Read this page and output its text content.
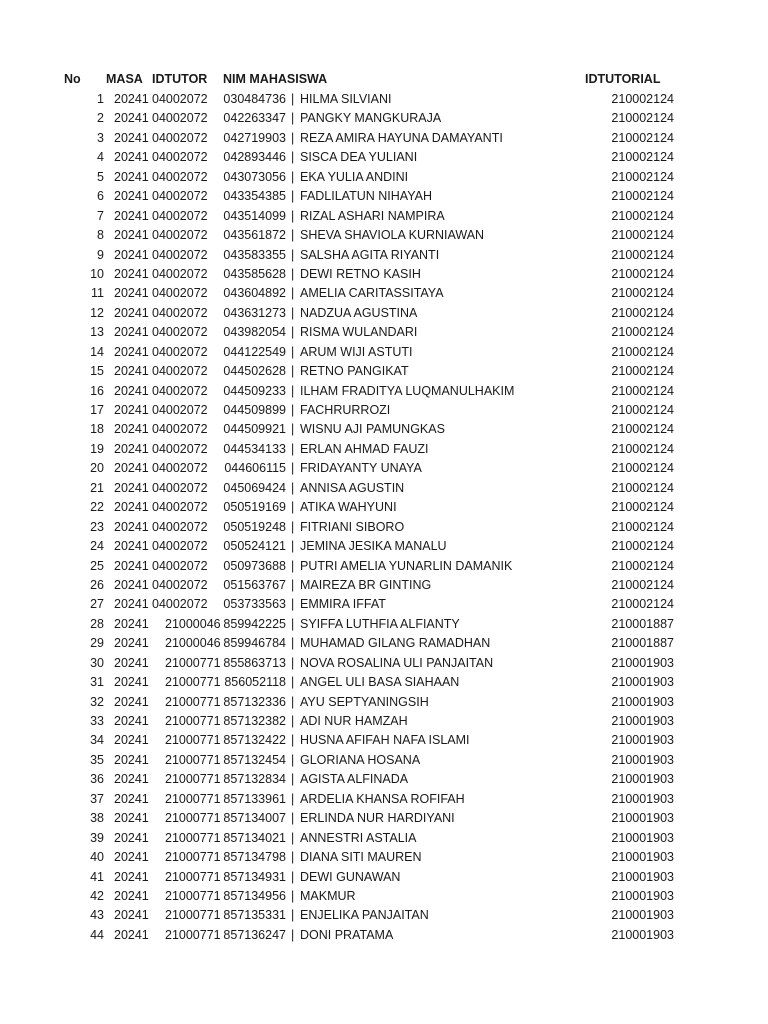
No MASA IDTUTOR NIM MAHASISWA	IDTUTORIAL
1 20241 04002072	030484736 | HILMA SILVIANI	210002124
2 20241 04002072	042263347 | PANGKY MANGKURAJA	210002124
3 20241 04002072	042719903 | REZA AMIRA HAYUNA DAMAYANTI	210002124
4 20241 04002072	042893446 | SISCA DEA YULIANI	210002124
5 20241 04002072	043073056 | EKA YULIA ANDINI	210002124
6 20241 04002072	043354385 | FADLILATUN NIHAYAH	210002124
7 20241 04002072	043514099 | RIZAL ASHARI NAMPIRA	210002124
8 20241 04002072	043561872 | SHEVA SHAVIOLA KURNIAWAN	210002124
9 20241 04002072	043583355 | SALSHA AGITA RIYANTI	210002124
10 20241 04002072	043585628 | DEWI RETNO KASIH	210002124
11 20241 04002072	043604892 | AMELIA CARITASSITAYA	210002124
12 20241 04002072	043631273 | NADZUA AGUSTINA	210002124
13 20241 04002072	043982054 | RISMA WULANDARI	210002124
14 20241 04002072	044122549 | ARUM WIJI ASTUTI	210002124
15 20241 04002072	044502628 | RETNO PANGIKAT	210002124
16 20241 04002072	044509233 | ILHAM FRADITYA LUQMANULHAKIM	210002124
17 20241 04002072	044509899 | FACHRURROZI	210002124
18 20241 04002072	044509921 | WISNU AJI PAMUNGKAS	210002124
19 20241 04002072	044534133 | ERLAN AHMAD FAUZI	210002124
20 20241 04002072	044606115 | FRIDAYANTY UNAYA	210002124
21 20241 04002072	045069424 | ANNISA AGUSTIN	210002124
22 20241 04002072	050519169 | ATIKA WAHYUNI	210002124
23 20241 04002072	050519248 | FITRIANI SIBORO	210002124
24 20241 04002072	050524121 | JEMINA JESIKA MANALU	210002124
25 20241 04002072	050973688 | PUTRI AMELIA YUNARLIN DAMANIK	210002124
26 20241 04002072	051563767 | MAIREZA BR GINTING	210002124
27 20241 04002072	053733563 | EMMIRA IFFAT	210002124
28 20241 21000046 859942225 | SYIFFA LUTHFIA ALFIANTY	210001887
29 20241 21000046 859946784 | MUHAMAD GILANG RAMADHAN	210001887
30 20241 21000771 855863713 | NOVA ROSALINA ULI PANJAITAN	210001903
31 20241 21000771 856052118 | ANGEL ULI BASA SIAHAAN	210001903
32 20241 21000771 857132336 | AYU SEPTYANINGSIH	210001903
33 20241 21000771 857132382 | ADI NUR HAMZAH	210001903
34 20241 21000771 857132422 | HUSNA AFIFAH NAFA ISLAMI	210001903
35 20241 21000771 857132454 | GLORIANA HOSANA	210001903
36 20241 21000771 857132834 | AGISTA ALFINADA	210001903
37 20241 21000771 857133961 | ARDELIA KHANSA ROFIFAH	210001903
38 20241 21000771 857134007 | ERLINDA NUR HARDIYANI	210001903
39 20241 21000771 857134021 | ANNESTRI ASTALIA	210001903
40 20241 21000771 857134798 | DIANA SITI MAUREN	210001903
41 20241 21000771 857134931 | DEWI GUNAWAN	210001903
42 20241 21000771 857134956 | MAKMUR	210001903
43 20241 21000771 857135331 | ENJELIKA PANJAITAN	210001903
44 20241 21000771 857136247 | DONI PRATAMA	210001903
